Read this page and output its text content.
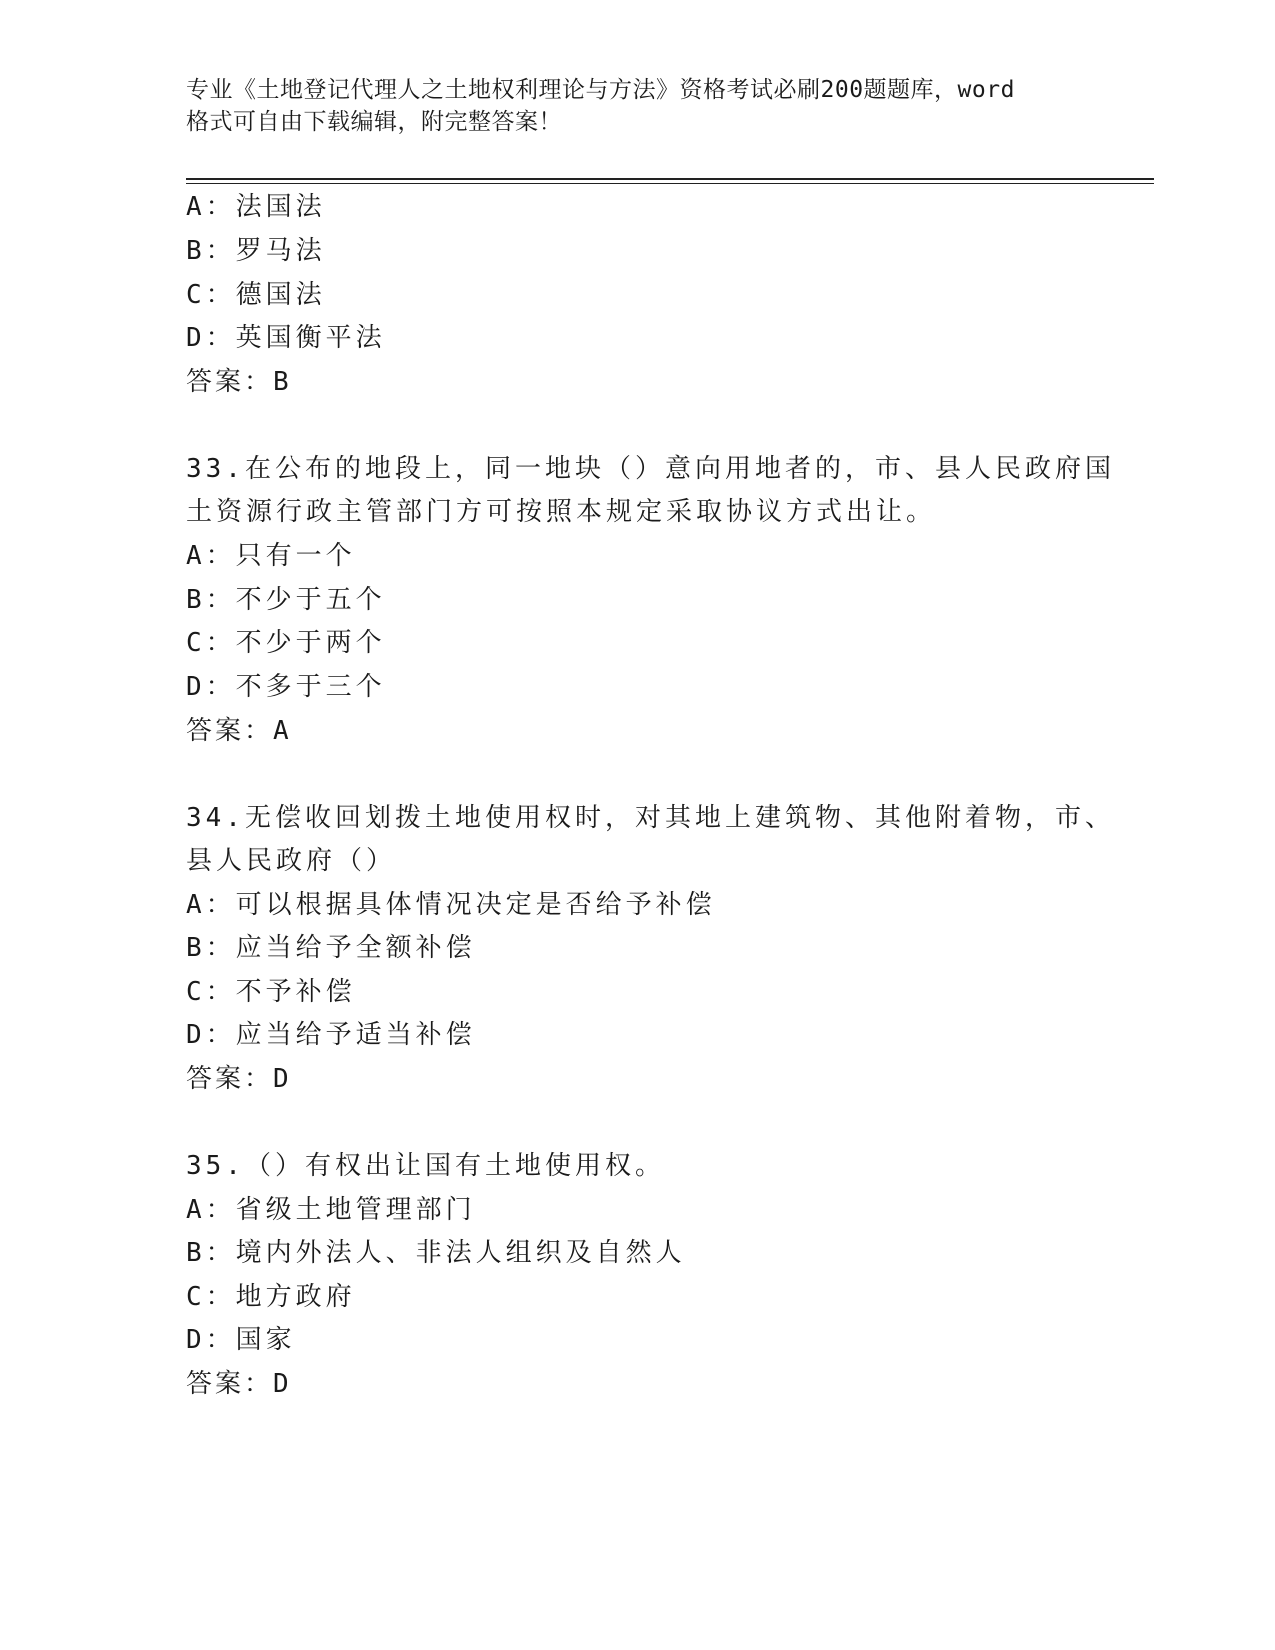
专业《土地登记代理人之土地权利理论与方法》资格考试必刷200题题库，word
格式可自由下载编辑，附完整答案！
A：法国法
B：罗马法
C：德国法
D：英国衡平法
答案：B
33.在公布的地段上，同一地块（）意向用地者的，市、县人民政府国
土资源行政主管部门方可按照本规定采取协议方式出让。
A：只有一个
B：不少于五个
C：不少于两个
D：不多于三个
答案：A
34.无偿收回划拨土地使用权时，对其地上建筑物、其他附着物，市、
县人民政府（）
A：可以根据具体情况决定是否给予补偿
B：应当给予全额补偿
C：不予补偿
D：应当给予适当补偿
答案：D
35.（）有权出让国有土地使用权。
A：省级土地管理部门
B：境内外法人、非法人组织及自然人
C：地方政府
D：国家
答案：D
